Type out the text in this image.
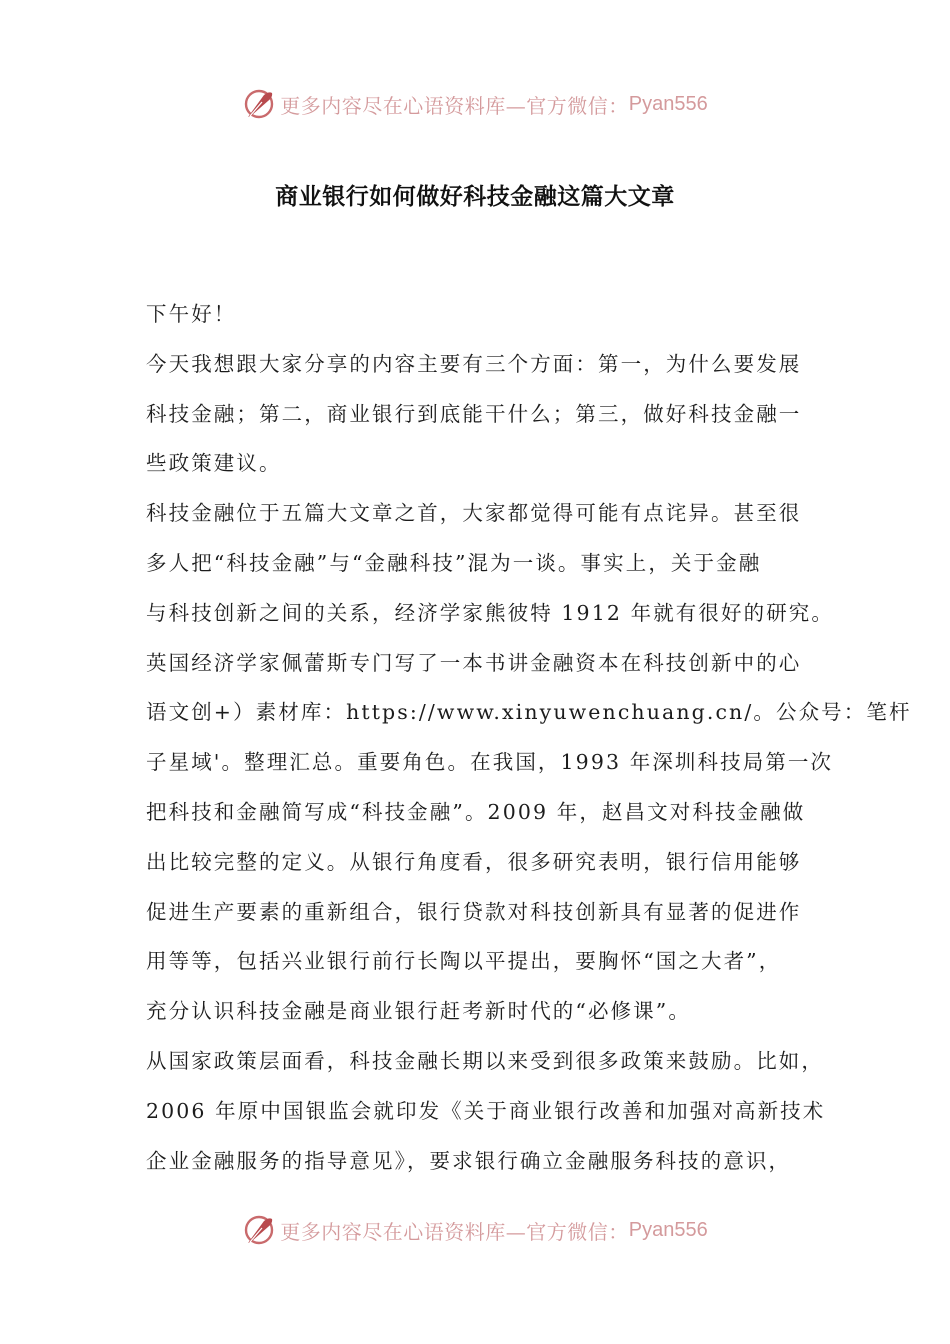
更多内容尽在心语资料库—官方微信： Pyan556
商业银行如何做好科技金融这篇大文章
下午好！
今天我想跟大家分享的内容主要有三个方面：第一，为什么要发展
科技金融；第二，商业银行到底能干什么；第三，做好科技金融一
些政策建议。
科技金融位于五篇大文章之首，大家都觉得可能有点诧异。甚至很
多人把“科技金融”与“金融科技”混为一谈。事实上，关于金融
与科技创新之间的关系，经济学家熊彼特 1912 年就有很好的研究。
英国经济学家佩蕾斯专门写了一本书讲金融资本在科技创新中的心
语文创+）素材库：https://www.xinyuwenchuang.cn/。公众号：笔杆
子星域'。整理汇总。重要角色。在我国，1993 年深圳科技局第一次
把科技和金融简写成“科技金融”。2009 年，赵昌文对科技金融做
出比较完整的定义。从银行角度看，很多研究表明，银行信用能够
促进生产要素的重新组合，银行贷款对科技创新具有显著的促进作
用等等，包括兴业银行前行长陶以平提出，要胸怀“国之大者”，
充分认识科技金融是商业银行赶考新时代的“必修课”。
从国家政策层面看，科技金融长期以来受到很多政策来鼓励。比如，
2006 年原中国银监会就印发《关于商业银行改善和加强对高新技术
企业金融服务的指导意见》，要求银行确立金融服务科技的意识，
更多内容尽在心语资料库—官方微信： Pyan556
